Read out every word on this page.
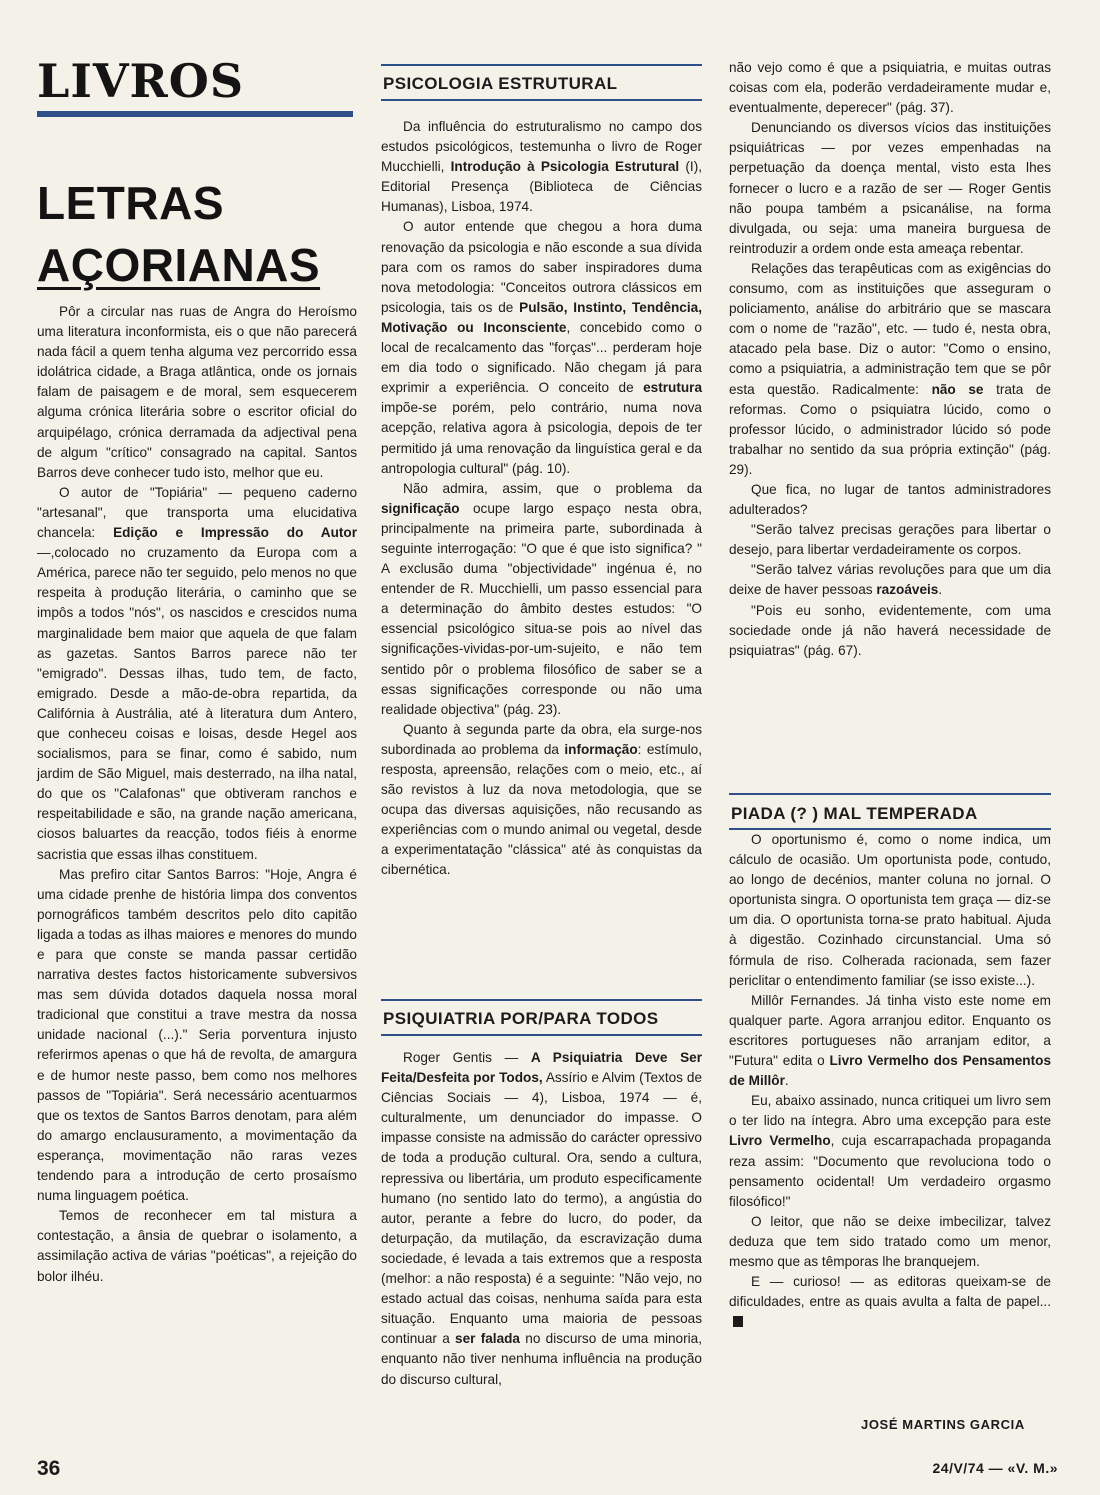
LIVROS
LETRAS
AÇORIANAS

Pôr a circular nas ruas de Angra do Heroísmo uma literatura inconformista, eis o que não parecerá nada fácil a quem tenha alguma vez percorrido essa idolátrica cidade, a Braga atlântica, onde os jornais falam de paisagem e de moral, sem esquecerem alguma crónica literária sobre o escritor oficial do arquipélago, crónica derramada da adjectival pena de algum "crítico" consagrado na capital. Santos Barros deve conhecer tudo isto, melhor que eu.

O autor de "Topiária" — pequeno caderno "artesanal", que transporta uma elucidativa chancela: Edição e Impressão do Autor —,colocado no cruzamento da Europa com a América, parece não ter seguido, pelo menos no que respeita à produção literária, o caminho que se impôs a todos "nós", os nascidos e crescidos numa marginalidade bem maior que aquela de que falam as gazetas. Santos Barros parece não ter "emigrado". Dessas ilhas, tudo tem, de facto, emigrado. Desde a mão-de-obra repartida, da Califórnia à Austrália, até à literatura dum Antero, que conheceu coisas e loisas, desde Hegel aos socialismos, para se finar, como é sabido, num jardim de São Miguel, mais desterrado, na ilha natal, do que os "Calafonas" que obtiveram ranchos e respeitabilidade e são, na grande nação americana, ciosos baluartes da reacção, todos fiéis à enorme sacristia que essas ilhas constituem.

Mas prefiro citar Santos Barros: "Hoje, Angra é uma cidade prenhe de história limpa dos conventos pornográficos também descritos pelo dito capitão ligada a todas as ilhas maiores e menores do mundo e para que conste se manda passar certidão narrativa destes factos historicamente subversivos mas sem dúvida dotados daquela nossa moral tradicional que constitui a trave mestra da nossa unidade nacional (...)." Seria porventura injusto referirmos apenas o que há de revolta, de amargura e de humor neste passo, bem como nos melhores passos de "Topiária". Será necessário acentuarmos que os textos de Santos Barros denotam, para além do amargo enclausuramento, a movimentação da esperança, movimentação não raras vezes tendendo para a introdução de certo prosaísmo numa linguagem poética.

Temos de reconhecer em tal mistura a contestação, a ânsia de quebrar o isolamento, a assimilação activa de várias "poéticas", a rejeição do bolor ilhéu.

PSICOLOGIA ESTRUTURAL

Da influência do estruturalismo no campo dos estudos psicológicos, testemunha o livro de Roger Mucchielli, Introdução à Psicologia Estrutural (I), Editorial Presença (Biblioteca de Ciências Humanas), Lisboa, 1974.

O autor entende que chegou a hora duma renovação da psicologia e não esconde a sua dívida para com os ramos do saber inspiradores duma nova metodologia: "Conceitos outrora clássicos em psicologia, tais os de Pulsão, Instinto, Tendência, Motivação ou Inconsciente, concebido como o local de recalcamento das "forças"... perderam hoje em dia todo o significado. Não chegam já para exprimir a experiência. O conceito de estrutura impõe-se porém, pelo contrário, numa nova acepção, relativa agora à psicologia, depois de ter permitido já uma renovação da linguística geral e da antropologia cultural" (pág. 10).

Não admira, assim, que o problema da significação ocupe largo espaço nesta obra, principalmente na primeira parte, subordinada à seguinte interrogação: "O que é que isto significa? " A exclusão duma "objectividade" ingénua é, no entender de R. Mucchielli, um passo essencial para a determinação do âmbito destes estudos: "O essencial psicológico situa-se pois ao nível das significações-vividas-por-um-sujeito, e não tem sentido pôr o problema filosófico de saber se a essas significações corresponde ou não uma realidade objectiva" (pág. 23).

Quanto à segunda parte da obra, ela surge-nos subordinada ao problema da informação: estímulo, resposta, apreensão, relações com o meio, etc., aí são revistos à luz da nova metodologia, que se ocupa das diversas aquisições, não recusando as experiências com o mundo animal ou vegetal, desde a experimentatação "clássica" até às conquistas da cibernética.

PSIQUIATRIA POR/PARA TODOS

Roger Gentis — A Psiquiatria Deve Ser Feita/Desfeita por Todos, Assírio e Alvim (Textos de Ciências Sociais — 4), Lisboa, 1974 — é, culturalmente, um denunciador do impasse. O impasse consiste na admissão do carácter opressivo de toda a produção cultural. Ora, sendo a cultura, repressiva ou libertária, um produto especificamente humano (no sentido lato do termo), a angústia do autor, perante a febre do lucro, do poder, da deturpação, da mutilação, da escravização duma sociedade, é levada a tais extremos que a resposta (melhor: a não resposta) é a seguinte: "Não vejo, no estado actual das coisas, nenhuma saída para esta situação. Enquanto uma maioria de pessoas continuar a ser falada no discurso de uma minoria, enquanto não tiver nenhuma influência na produção do discurso cultural,

não vejo como é que a psiquiatria, e muitas outras coisas com ela, poderão verdadeiramente mudar e, eventualmente, deperecer" (pág. 37).

Denunciando os diversos vícios das instituições psiquiátricas — por vezes empenhadas na perpetuação da doença mental, visto esta lhes fornecer o lucro e a razão de ser — Roger Gentis não poupa também a psicanálise, na forma divulgada, ou seja: uma maneira burguesa de reintroduzir a ordem onde esta ameaça rebentar.

Relações das terapêuticas com as exigências do consumo, com as instituições que asseguram o policiamento, análise do arbitrário que se mascara com o nome de "razão", etc. — tudo é, nesta obra, atacado pela base. Diz o autor: "Como o ensino, como a psiquiatria, a administração tem que se pôr esta questão. Radicalmente: não se trata de reformas. Como o psiquiatra lúcido, como o professor lúcido, o administrador lúcido só pode trabalhar no sentido da sua própria extinção" (pág. 29).

Que fica, no lugar de tantos administradores adulterados?

"Serão talvez precisas gerações para libertar o desejo, para libertar verdadeiramente os corpos.

"Serão talvez várias revoluções para que um dia deixe de haver pessoas razoáveis.

"Pois eu sonho, evidentemente, com uma sociedade onde já não haverá necessidade de psiquiatras" (pág. 67).

PIADA (? ) MAL TEMPERADA

O oportunismo é, como o nome indica, um cálculo de ocasião. Um oportunista pode, contudo, ao longo de decénios, manter coluna no jornal. O oportunista singra. O oportunista tem graça — diz-se um dia. O oportunista torna-se prato habitual. Ajuda à digestão. Cozinhado circunstancial. Uma só fórmula de riso. Colherada racionada, sem fazer periclitar o entendimento familiar (se isso existe...).

Millôr Fernandes. Já tinha visto este nome em qualquer parte. Agora arranjou editor. Enquanto os escritores portugueses não arranjam editor, a "Futura" edita o Livro Vermelho dos Pensamentos de Millôr.

Eu, abaixo assinado, nunca critiquei um livro sem o ter lido na íntegra. Abro uma excepção para este Livro Vermelho, cuja escarrapachada propaganda reza assim: "Documento que revoluciona todo o pensamento ocidental! Um verdadeiro orgasmo filosófico!"

O leitor, que não se deixe imbecilizar, talvez deduza que tem sido tratado como um menor, mesmo que as têmporas lhe branquejem.

E — curioso! — as editoras queixam-se de dificuldades, entre as quais avulta a falta de papel...

JOSÉ MARTINS GARCIA
36	24/V/74 — «V. M.»
